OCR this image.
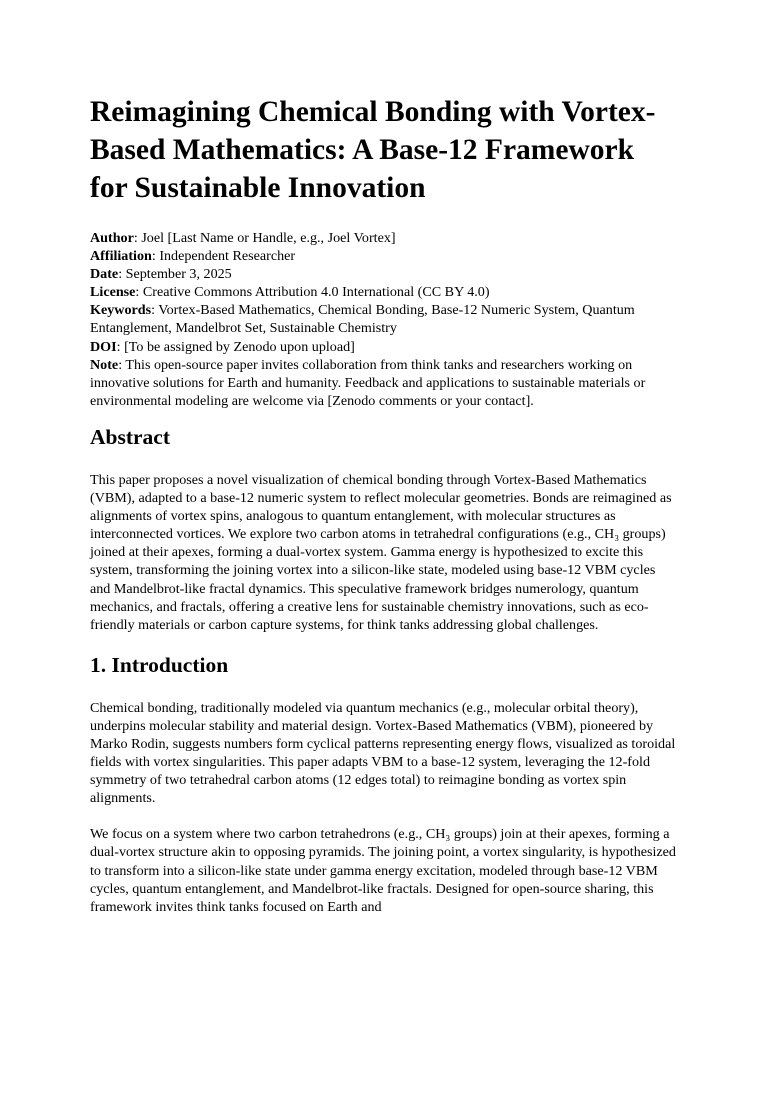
Reimagining Chemical Bonding with Vortex-Based Mathematics: A Base-12 Framework for Sustainable Innovation
Author: Joel [Last Name or Handle, e.g., Joel Vortex]
Affiliation: Independent Researcher
Date: September 3, 2025
License: Creative Commons Attribution 4.0 International (CC BY 4.0)
Keywords: Vortex-Based Mathematics, Chemical Bonding, Base-12 Numeric System, Quantum Entanglement, Mandelbrot Set, Sustainable Chemistry
DOI: [To be assigned by Zenodo upon upload]
Note: This open-source paper invites collaboration from think tanks and researchers working on innovative solutions for Earth and humanity. Feedback and applications to sustainable materials or environmental modeling are welcome via [Zenodo comments or your contact].
Abstract

This paper proposes a novel visualization of chemical bonding through Vortex-Based Mathematics (VBM), adapted to a base-12 numeric system to reflect molecular geometries. Bonds are reimagined as alignments of vortex spins, analogous to quantum entanglement, with molecular structures as interconnected vortices. We explore two carbon atoms in tetrahedral configurations (e.g., CH₃ groups) joined at their apexes, forming a dual-vortex system. Gamma energy is hypothesized to excite this system, transforming the joining vortex into a silicon-like state, modeled using base-12 VBM cycles and Mandelbrot-like fractal dynamics. This speculative framework bridges numerology, quantum mechanics, and fractals, offering a creative lens for sustainable chemistry innovations, such as eco-friendly materials or carbon capture systems, for think tanks addressing global challenges.

1. Introduction

Chemical bonding, traditionally modeled via quantum mechanics (e.g., molecular orbital theory), underpins molecular stability and material design. Vortex-Based Mathematics (VBM), pioneered by Marko Rodin, suggests numbers form cyclical patterns representing energy flows, visualized as toroidal fields with vortex singularities. This paper adapts VBM to a base-12 system, leveraging the 12-fold symmetry of two tetrahedral carbon atoms (12 edges total) to reimagine bonding as vortex spin alignments.

We focus on a system where two carbon tetrahedrons (e.g., CH₃ groups) join at their apexes, forming a dual-vortex structure akin to opposing pyramids. The joining point, a vortex singularity, is hypothesized to transform into a silicon-like state under gamma energy excitation, modeled through base-12 VBM cycles, quantum entanglement, and Mandelbrot-like fractals. Designed for open-source sharing, this framework invites think tanks focused on Earth and
